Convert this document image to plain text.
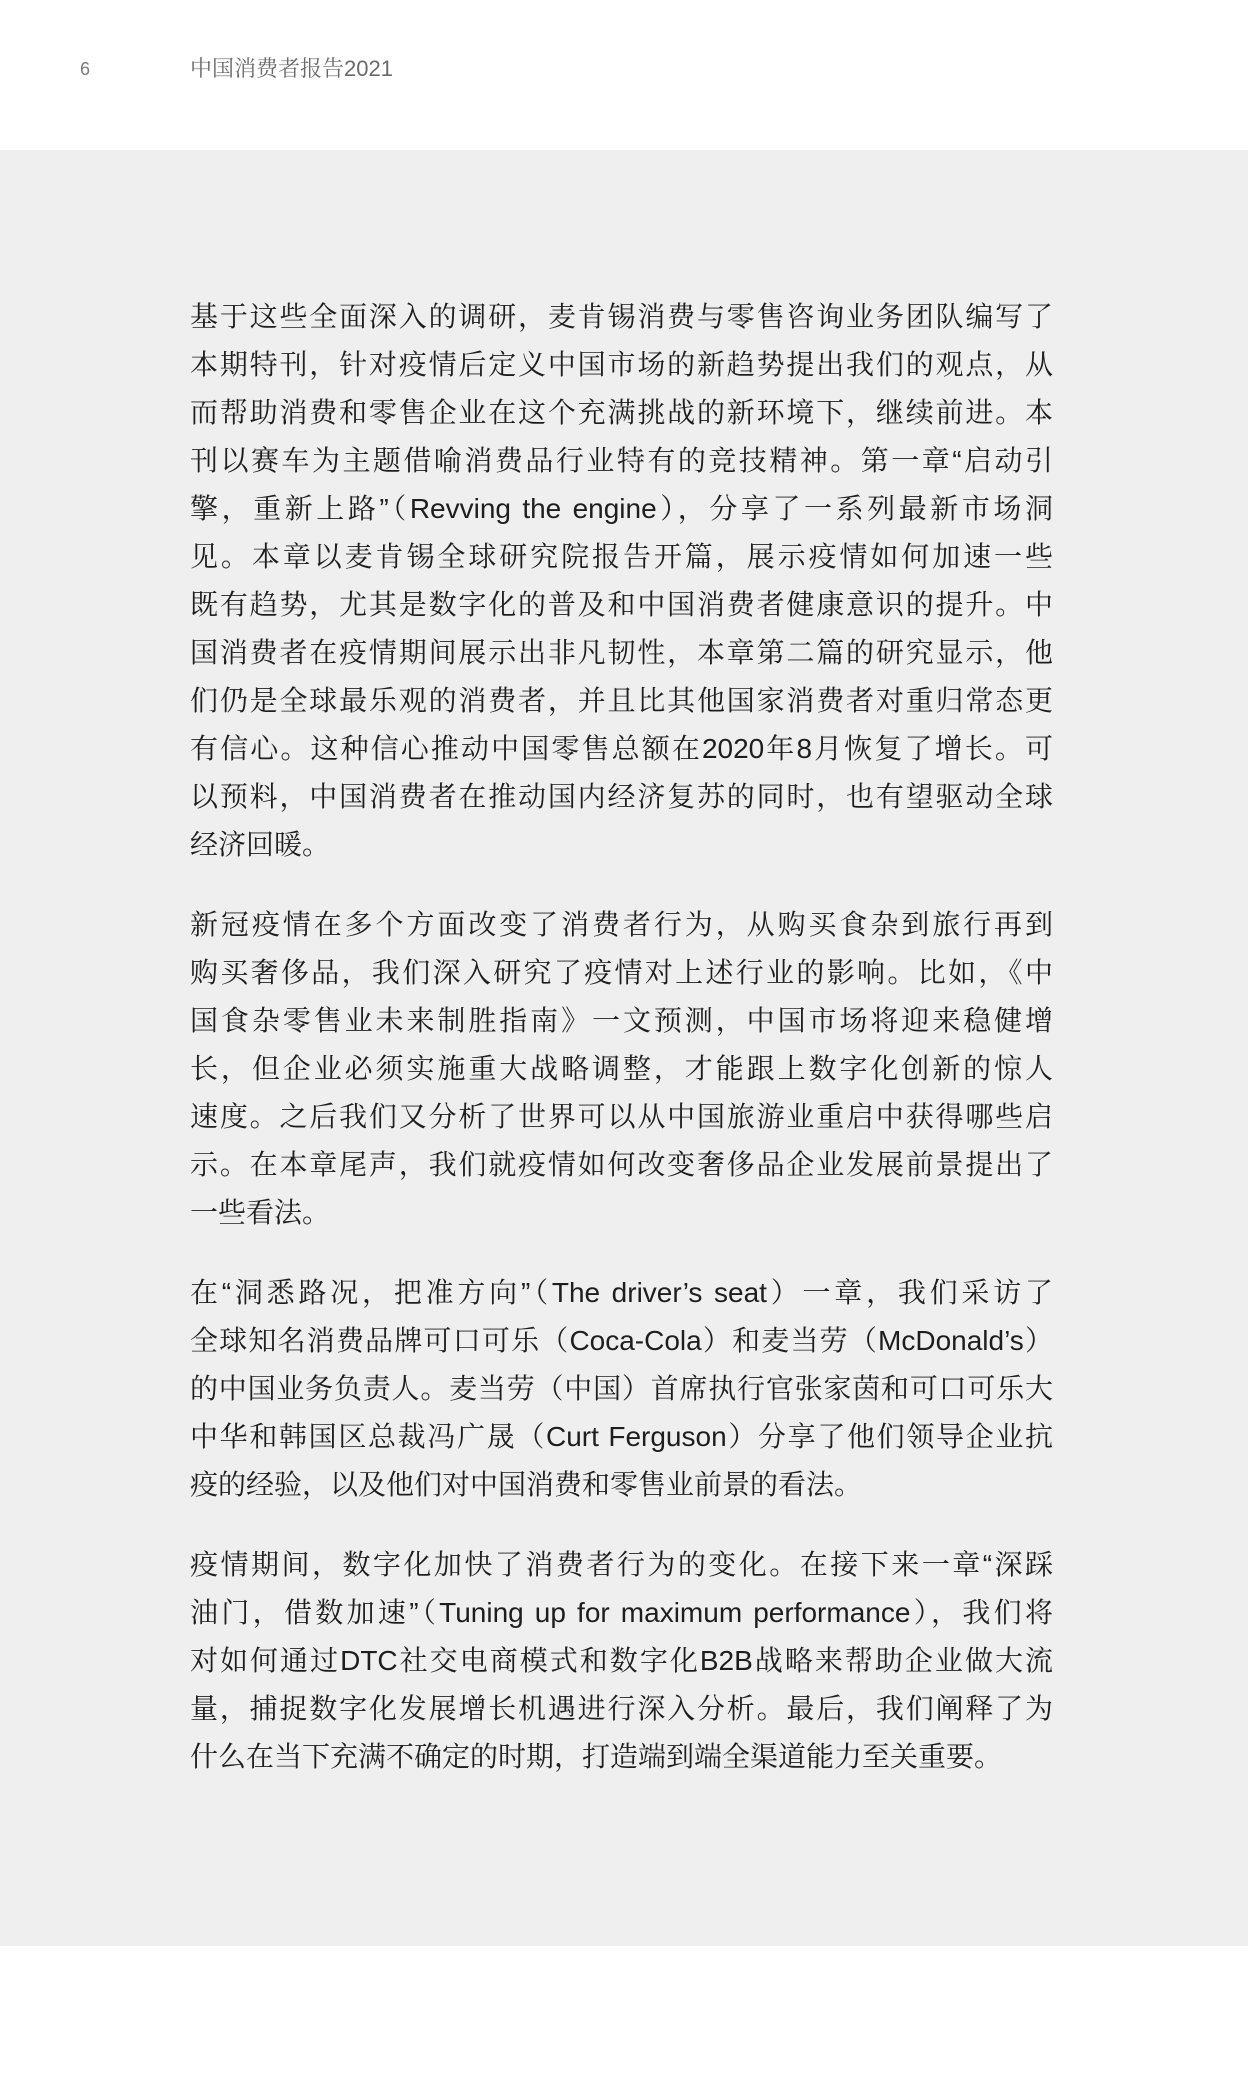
6	中国消费者报告2021
基于这些全面深入的调研，麦肯锡消费与零售咨询业务团队编写了
本期特刊，针对疫情后定义中国市场的新趋势提出我们的观点，从
而帮助消费和零售企业在这个充满挑战的新环境下，继续前进。本
刊以赛车为主题借喻消费品行业特有的竞技精神。第一章“启动引
擎，重新上路”（Revving the engine），分享了一系列最新市场洞
见。本章以麦肯锡全球研究院报告开篇，展示疫情如何加速一些
既有趋势，尤其是数字化的普及和中国消费者健康意识的提升。中
国消费者在疫情期间展示出非凡韧性，本章第二篇的研究显示，他
们仍是全球最乐观的消费者，并且比其他国家消费者对重归常态更
有信心。这种信心推动中国零售总额在2020年8月恢复了增长。可
以预料，中国消费者在推动国内经济复苏的同时，也有望驱动全球
经济回暖。
新冠疫情在多个方面改变了消费者行为，从购买食杂到旅行再到
购买奢侈品，我们深入研究了疫情对上述行业的影响。比如，《中
国食杂零售业未来制胜指南》一文预测，中国市场将迎来稳健增
长，但企业必须实施重大战略调整，才能跟上数字化创新的惊人
速度。之后我们又分析了世界可以从中国旅游业重启中获得哪些启
示。在本章尾声，我们就疫情如何改变奢侈品企业发展前景提出了
一些看法。
在“洞悉路况，把准方向”（The driver’s seat）一章，我们采访了
全球知名消费品牌可口可乐（Coca-Cola）和麦当劳（McDonald’s）
的中国业务负责人。麦当劳（中国）首席执行官张家茵和可口可乐大
中华和韩国区总裁冯广晟（Curt Ferguson）分享了他们领导企业抗
疫的经验，以及他们对中国消费和零售业前景的看法。
疫情期间，数字化加快了消费者行为的变化。在接下来一章“深踩
油门，借数加速”（Tuning up for maximum performance），我们将
对如何通过DTC社交电商模式和数字化B2B战略来帮助企业做大流
量，捕捉数字化发展增长机遇进行深入分析。最后，我们阐释了为
什么在当下充满不确定的时期，打造端到端全渠道能力至关重要。
